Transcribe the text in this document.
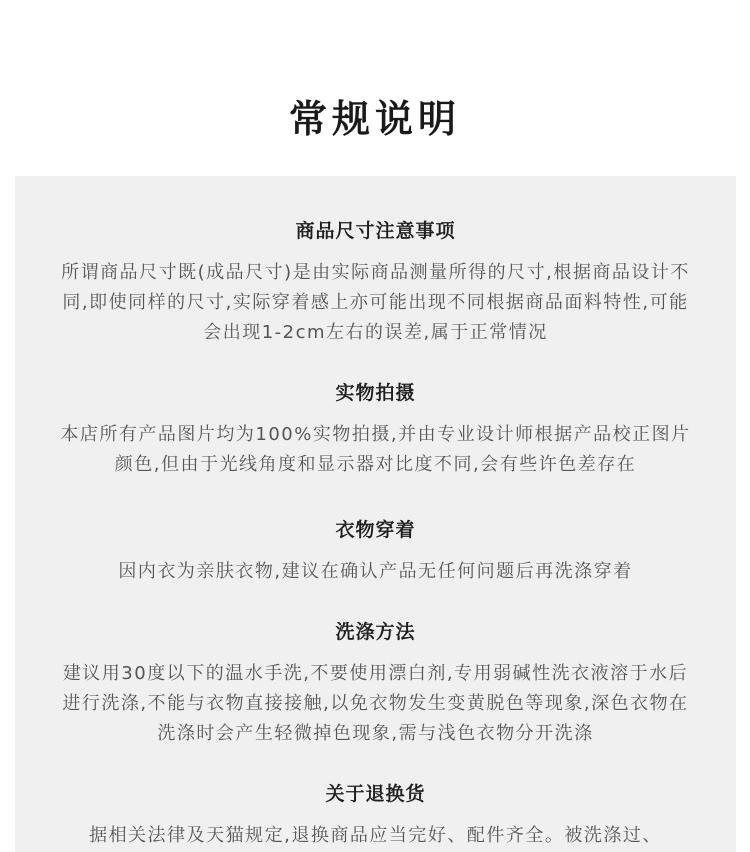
常规说明
商品尺寸注意事项

所谓商品尺寸既(成品尺寸)是由实际商品测量所得的尺寸,根据商品设计不同,即使同样的尺寸,实际穿着感上亦可能出现不同根据商品面料特性,可能会出现1-2cm左右的误差,属于正常情况

实物拍摄

本店所有产品图片均为100%实物拍摄,并由专业设计师根据产品校正图片颜色,但由于光线角度和显示器对比度不同,会有些许色差存在

衣物穿着

因内衣为亲肤衣物,建议在确认产品无任何问题后再洗涤穿着

洗涤方法

建议用30度以下的温水手洗,不要使用漂白剂,专用弱碱性洗衣液溶于水后进行洗涤,不能与衣物直接接触,以免衣物发生变黄脱色等现象,深色衣物在洗涤时会产生轻微掉色现象,需与浅色衣物分开洗涤

关于退换货

据相关法律及天猫规定,退换商品应当完好、配件齐全。被洗涤过、
